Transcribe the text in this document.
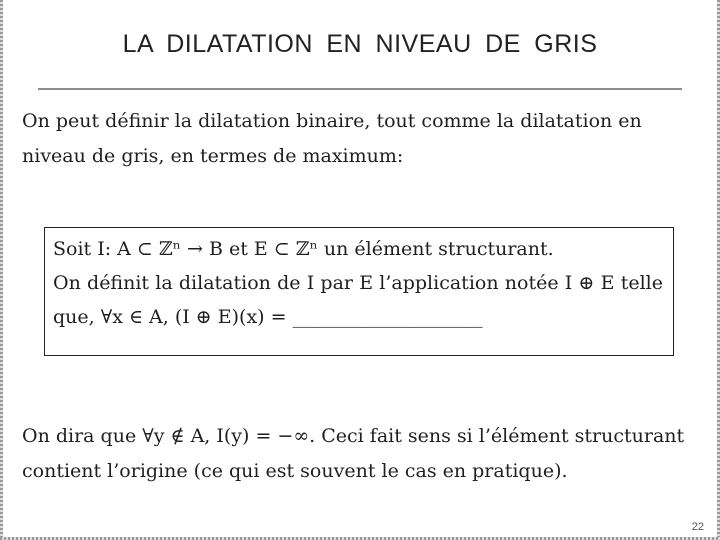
LA DILATATION EN NIVEAU DE GRIS
On peut définir la dilatation binaire, tout comme la dilatation en niveau de gris, en termes de maximum:
Soit I: A ⊂ ℤⁿ → B et E ⊂ ℤⁿ un élément structurant.
On définit la dilatation de I par E l’application notée I ⊕ E telle
que, ∀x ∈ A, (I ⊕ E)(x) = ____________________
On dira que ∀y ∉ A, I(y) = −∞. Ceci fait sens si l’élément structurant contient l’origine (ce qui est souvent le cas en pratique).
22
